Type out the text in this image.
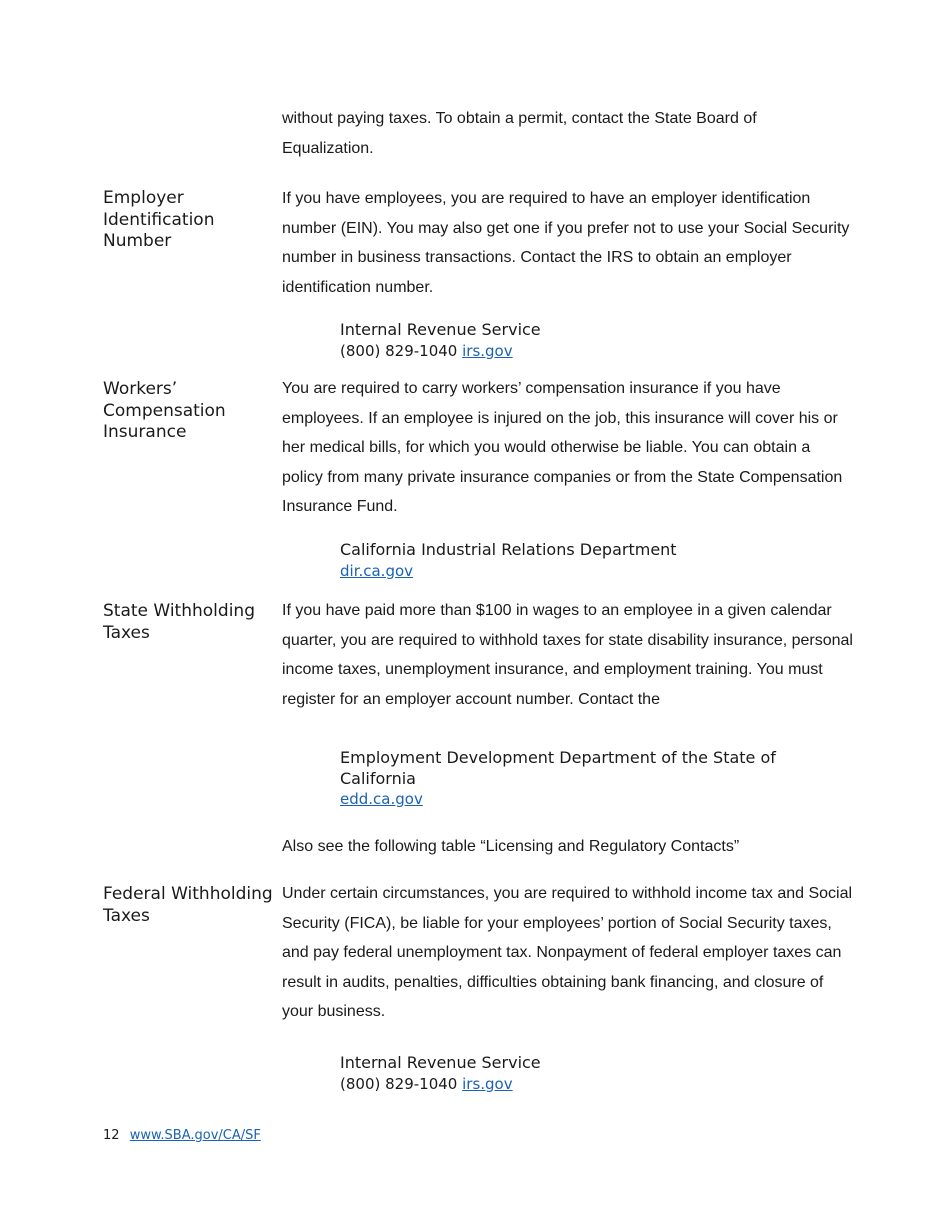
without paying taxes. To obtain a permit, contact the State Board of Equalization.
Employer Identification Number
If you have employees, you are required to have an employer identification number (EIN). You may also get one if you prefer not to use your Social Security number in business transactions. Contact the IRS to obtain an employer identification number.
Internal Revenue Service
(800) 829-1040 irs.gov
Workers’ Compensation Insurance
You are required to carry workers’ compensation insurance if you have employees. If an employee is injured on the job, this insurance will cover his or her medical bills, for which you would otherwise be liable. You can obtain a policy from many private insurance companies or from the State Compensation Insurance Fund.
California Industrial Relations Department
dir.ca.gov
State Withholding Taxes
If you have paid more than $100 in wages to an employee in a given calendar quarter, you are required to withhold taxes for state disability insurance, personal income taxes, unemployment insurance, and employment training. You must register for an employer account number. Contact the
Employment Development Department of the State of California
edd.ca.gov
Also see the following table “Licensing and Regulatory Contacts”
Federal Withholding Taxes
Under certain circumstances, you are required to withhold income tax and Social Security (FICA), be liable for your employees’ portion of Social Security taxes, and pay federal unemployment tax. Nonpayment of federal employer taxes can result in audits, penalties, difficulties obtaining bank financing, and closure of your business.
Internal Revenue Service
(800) 829-1040 irs.gov
12 www.SBA.gov/CA/SF
